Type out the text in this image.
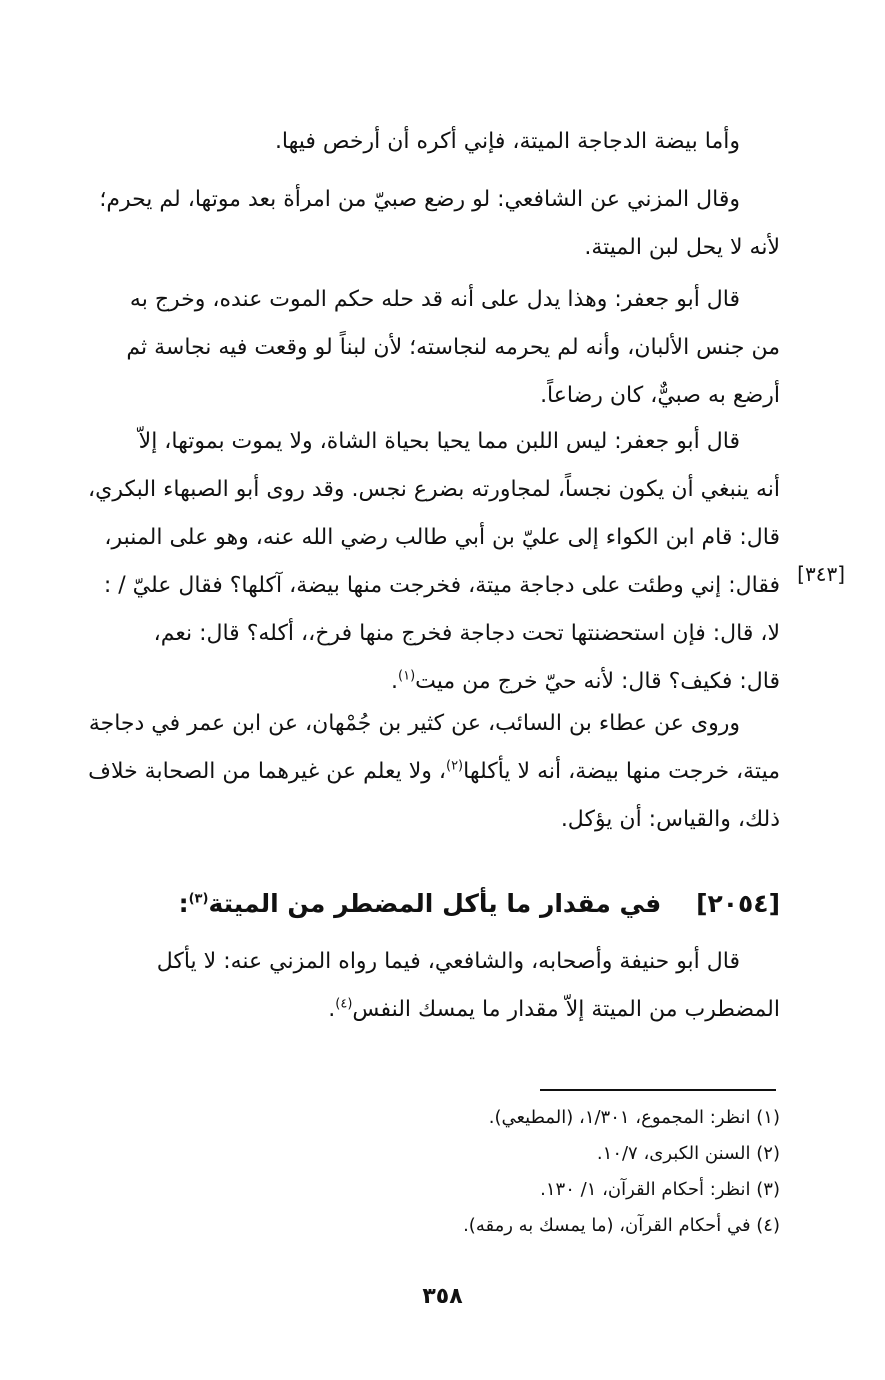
وأما بيضة الدجاجة الميتة، فإني أكره أن أرخص فيها.

وقال المزني عن الشافعي: لو رضع صبيّ من امرأة بعد موتها، لم يحرم؛

لأنه لا يحل لبن الميتة.

قال أبو جعفر: وهذا يدل على أنه قد حله حكم الموت عنده، وخرج به

من جنس الألبان، وأنه لم يحرمه لنجاسته؛ لأن لبناً لو وقعت فيه نجاسة ثم

أرضع به صبيٌّ، كان رضاعاً.

قال أبو جعفر: ليس اللبن مما يحيا بحياة الشاة، ولا يموت بموتها، إلاّ

أنه ينبغي أن يكون نجساً، لمجاورته بضرع نجس. وقد روى أبو الصبهاء البكري،

قال: قام ابن الكواء إلى عليّ بن أبي طالب رضي الله عنه، وهو على المنبر،

فقال: إني وطئت على دجاجة ميتة، فخرجت منها بيضة، آكلها؟ فقال عليّ / :

لا، قال: فإن استحضنتها تحت دجاجة فخرج منها فرخ،، أكله؟ قال: نعم،

قال: فكيف؟ قال: لأنه حيّ خرج من ميت$^{(١)}$.

[٣٤٣]

وروى عن عطاء بن السائب، عن كثير بن جُمْهان، عن ابن عمر في دجاجة

ميتة، خرجت منها بيضة، أنه لا يأكلها$^{(٢)}$، ولا يعلم عن غيرهما من الصحابة خلاف

ذلك، والقياس: أن يؤكل.

[٢٠٥٤]    في مقدار ما يأكل المضطر من الميتة$^{(٣)}$:

قال أبو حنيفة وأصحابه، والشافعي، فيما رواه المزني عنه: لا يأكل

المضطرب من الميتة إلاّ مقدار ما يمسك النفس$^{(٤)}$.

(١) انظر: المجموع، ١/٣٠١، (المطيعي).
(٢) السنن الكبرى، ١٠/٧.
(٣) انظر: أحكام القرآن، ١/ ١٣٠.
(٤) في أحكام القرآن، (ما يمسك به رمقه).
٣٥٨
